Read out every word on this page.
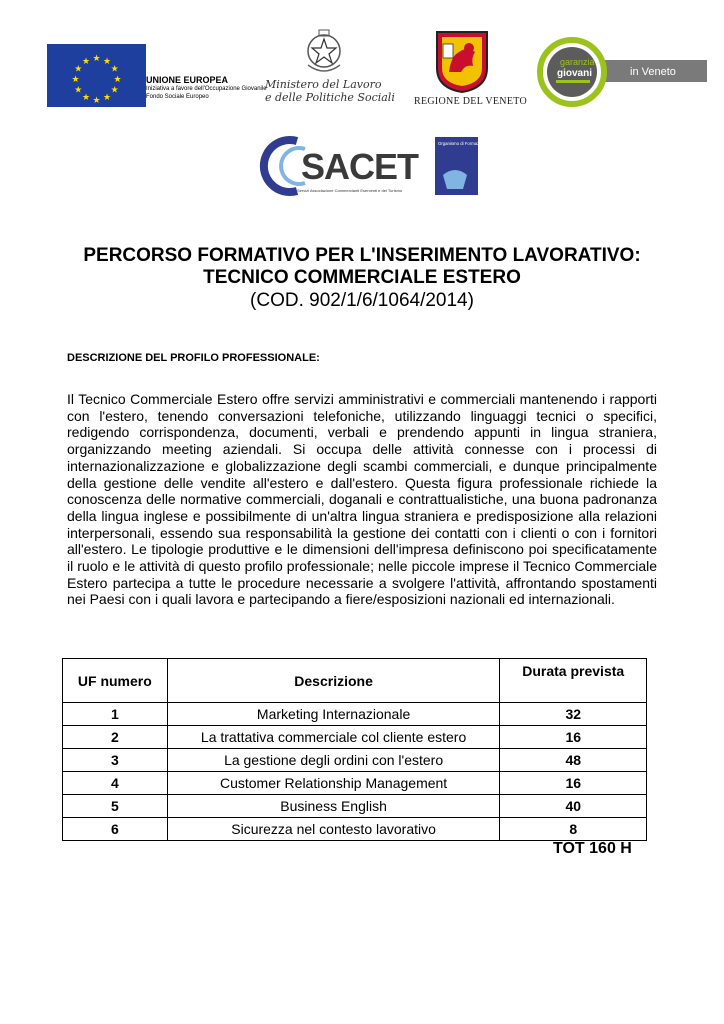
★ ★
★
★
★
★
★
★
★
★
★
★
UNIONE EUROPEA
Iniziativa a favore dell'Occupazione Giovanile
Fondo Sociale Europeo
Ministero del Lavoro
e delle Politiche Sociali REGIONE DEL VENETO
garanzia
giovani	in Veneto
SACET
Servizi Associazione Commercianti Esercenti e del Turismo
Organismo di Formazione accreditato dalla Regione del Veneto
PERCORSO FORMATIVO PER L'INSERIMENTO LAVORATIVO:
TECNICO COMMERCIALE ESTERO
(COD. 902/1/6/1064/2014)
DESCRIZIONE DEL PROFILO PROFESSIONALE:
Il Tecnico Commerciale Estero offre servizi amministrativi e commerciali mantenendo i rapporti con l'estero, tenendo conversazioni telefoniche, utilizzando linguaggi tecnici o specifici, redigendo corrispondenza, documenti, verbali e prendendo appunti in lingua straniera, organizzando meeting aziendali. Si occupa delle attività connesse con i processi di internazionalizzazione e globalizzazione degli scambi commerciali, e dunque principalmente della gestione delle vendite all'estero e dall'estero. Questa figura professionale richiede la conoscenza delle normative commerciali, doganali e contrattualistiche, una buona padronanza della lingua inglese e possibilmente di un'altra lingua straniera e predisposizione alla relazioni interpersonali, essendo sua responsabilità la gestione dei contatti con i clienti o con i fornitori all'estero. Le tipologie produttive e le dimensioni dell'impresa definiscono poi specificatamente il ruolo e le attività di questo profilo professionale; nelle piccole imprese il Tecnico Commerciale Estero partecipa a tutte le procedure necessarie a svolgere l'attività, affrontando spostamenti nei Paesi con i quali lavora e partecipando a fiere/esposizioni nazionali ed internazionali.
UF numero	Descrizione	Durata prevista
1	Marketing Internazionale	32
2	La trattativa commerciale col cliente estero	16
3	La gestione degli ordini con l'estero	48
4	Customer Relationship Management	16
5	Business English	40
6	Sicurezza nel contesto lavorativo	8
TOT 160 H
